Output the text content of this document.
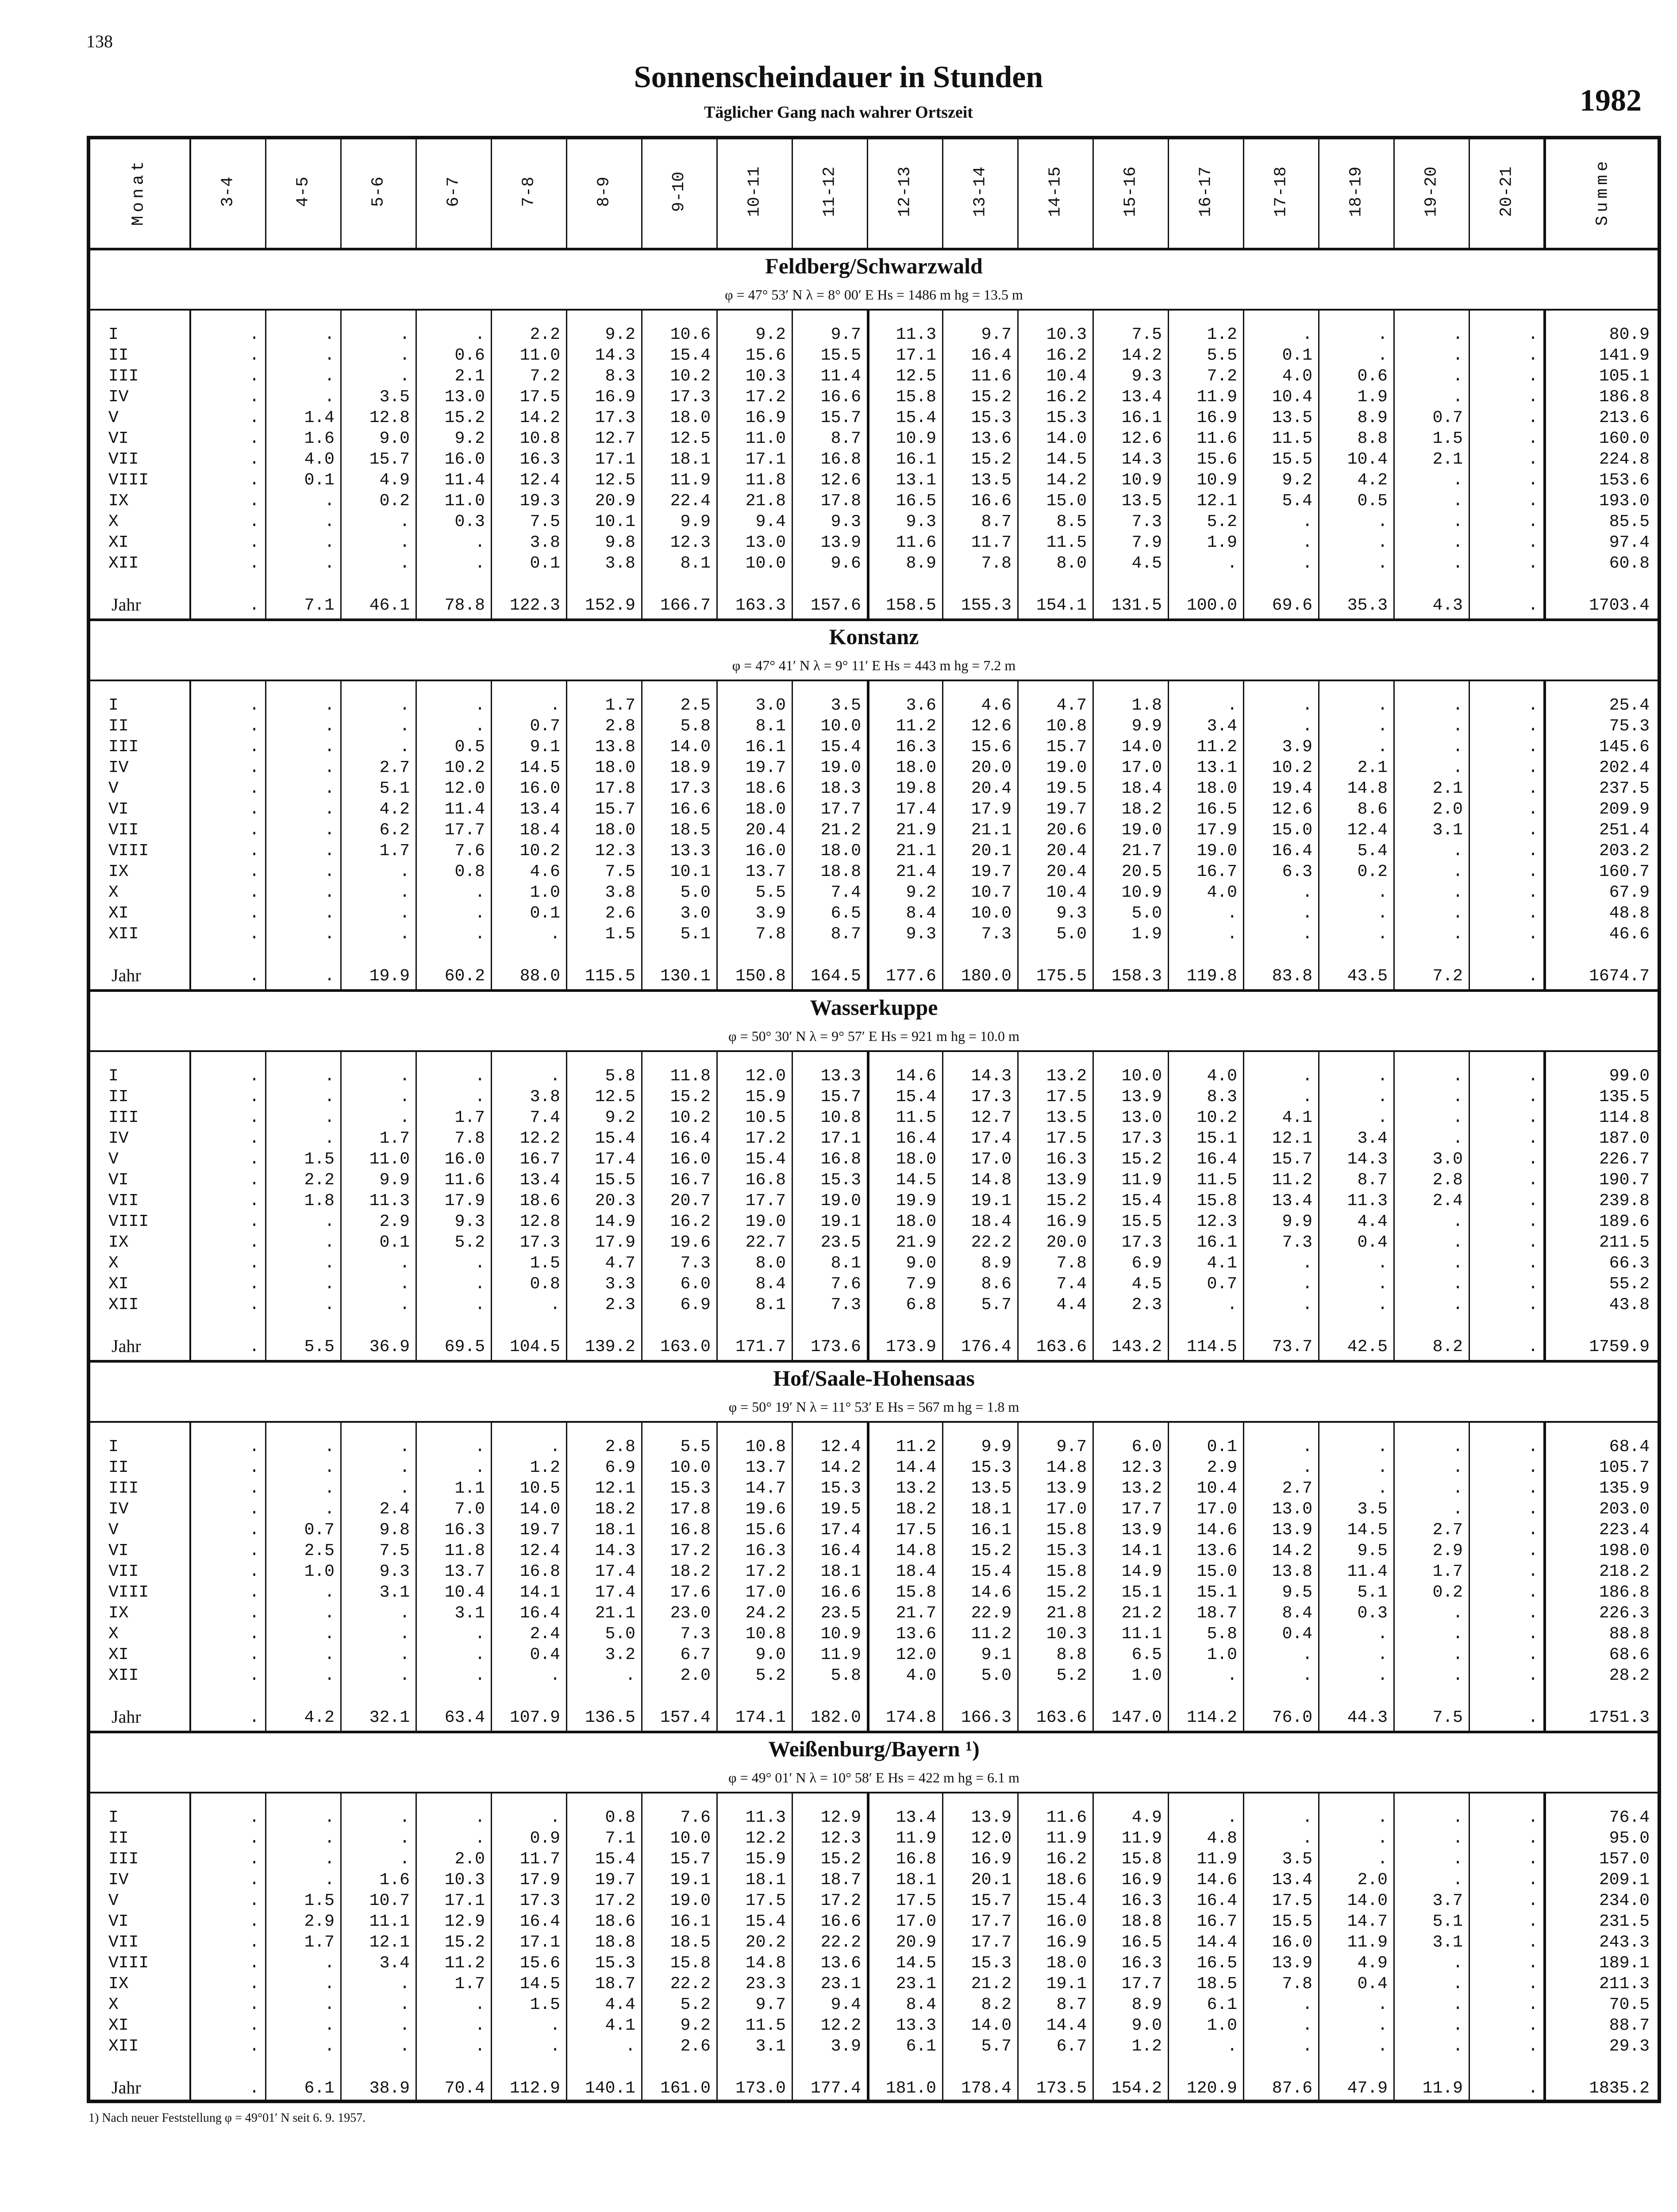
138
Sonnenscheindauer in Stunden
Täglicher Gang nach wahrer Ortszeit	1982
Monat	3-4	4-5	5-6	6-7	7-8	8-9	9-10	10-11	11-12	12-13	13-14	14-15	15-16	16-17	17-18	18-19	19-20	20-21	Summe
Feldberg/Schwarzwald
φ = 47° 53′ N λ = 8° 00′ E Hs = 1486 m hg = 13.5 m
I	.	.	.	.	2.2	9.2	10.6	9.2	9.7	11.3	9.7	10.3	7.5	1.2	.	.	.	.	80.9
II	.	.	.	0.6	11.0	14.3	15.4	15.6	15.5	17.1	16.4	16.2	14.2	5.5	0.1	.	.	.	141.9
III	.	.	.	2.1	7.2	8.3	10.2	10.3	11.4	12.5	11.6	10.4	9.3	7.2	4.0	0.6	.	.	105.1
IV	.	.	3.5	13.0	17.5	16.9	17.3	17.2	16.6	15.8	15.2	16.2	13.4	11.9	10.4	1.9	.	.	186.8
V	.	1.4	12.8	15.2	14.2	17.3	18.0	16.9	15.7	15.4	15.3	15.3	16.1	16.9	13.5	8.9	0.7	.	213.6
VI	.	1.6	9.0	9.2	10.8	12.7	12.5	11.0	8.7	10.9	13.6	14.0	12.6	11.6	11.5	8.8	1.5	.	160.0
VII	.	4.0	15.7	16.0	16.3	17.1	18.1	17.1	16.8	16.1	15.2	14.5	14.3	15.6	15.5	10.4	2.1	.	224.8
VIII	.	0.1	4.9	11.4	12.4	12.5	11.9	11.8	12.6	13.1	13.5	14.2	10.9	10.9	9.2	4.2	.	.	153.6
IX	.	.	0.2	11.0	19.3	20.9	22.4	21.8	17.8	16.5	16.6	15.0	13.5	12.1	5.4	0.5	.	.	193.0
X	.	.	.	0.3	7.5	10.1	9.9	9.4	9.3	9.3	8.7	8.5	7.3	5.2	.	.	.	.	85.5
XI	.	.	.	.	3.8	9.8	12.3	13.0	13.9	11.6	11.7	11.5	7.9	1.9	.	.	.	.	97.4
XII	.	.	.	.	0.1	3.8	8.1	10.0	9.6	8.9	7.8	8.0	4.5	.	.	.	.	.	60.8
Jahr	.	7.1	46.1	78.8	122.3	152.9	166.7	163.3	157.6	158.5	155.3	154.1	131.5	100.0	69.6	35.3	4.3	.	1703.4
Konstanz
φ = 47° 41′ N λ = 9° 11′ E Hs = 443 m hg = 7.2 m
I	.	.	.	.	.	1.7	2.5	3.0	3.5	3.6	4.6	4.7	1.8	.	.	.	.	.	25.4
II	.	.	.	.	0.7	2.8	5.8	8.1	10.0	11.2	12.6	10.8	9.9	3.4	.	.	.	.	75.3
III	.	.	.	0.5	9.1	13.8	14.0	16.1	15.4	16.3	15.6	15.7	14.0	11.2	3.9	.	.	.	145.6
IV	.	.	2.7	10.2	14.5	18.0	18.9	19.7	19.0	18.0	20.0	19.0	17.0	13.1	10.2	2.1	.	.	202.4
V	.	.	5.1	12.0	16.0	17.8	17.3	18.6	18.3	19.8	20.4	19.5	18.4	18.0	19.4	14.8	2.1	.	237.5
VI	.	.	4.2	11.4	13.4	15.7	16.6	18.0	17.7	17.4	17.9	19.7	18.2	16.5	12.6	8.6	2.0	.	209.9
VII	.	.	6.2	17.7	18.4	18.0	18.5	20.4	21.2	21.9	21.1	20.6	19.0	17.9	15.0	12.4	3.1	.	251.4
VIII	.	.	1.7	7.6	10.2	12.3	13.3	16.0	18.0	21.1	20.1	20.4	21.7	19.0	16.4	5.4	.	.	203.2
IX	.	.	.	0.8	4.6	7.5	10.1	13.7	18.8	21.4	19.7	20.4	20.5	16.7	6.3	0.2	.	.	160.7
X	.	.	.	.	1.0	3.8	5.0	5.5	7.4	9.2	10.7	10.4	10.9	4.0	.	.	.	.	67.9
XI	.	.	.	.	0.1	2.6	3.0	3.9	6.5	8.4	10.0	9.3	5.0	.	.	.	.	.	48.8
XII	.	.	.	.	.	1.5	5.1	7.8	8.7	9.3	7.3	5.0	1.9	.	.	.	.	.	46.6
Jahr	.	.	19.9	60.2	88.0	115.5	130.1	150.8	164.5	177.6	180.0	175.5	158.3	119.8	83.8	43.5	7.2	.	1674.7
Wasserkuppe
φ = 50° 30′ N λ = 9° 57′ E Hs = 921 m hg = 10.0 m
I	.	.	.	.	.	5.8	11.8	12.0	13.3	14.6	14.3	13.2	10.0	4.0	.	.	.	.	99.0
II	.	.	.	.	3.8	12.5	15.2	15.9	15.7	15.4	17.3	17.5	13.9	8.3	.	.	.	.	135.5
III	.	.	.	1.7	7.4	9.2	10.2	10.5	10.8	11.5	12.7	13.5	13.0	10.2	4.1	.	.	.	114.8
IV	.	.	1.7	7.8	12.2	15.4	16.4	17.2	17.1	16.4	17.4	17.5	17.3	15.1	12.1	3.4	.	.	187.0
V	.	1.5	11.0	16.0	16.7	17.4	16.0	15.4	16.8	18.0	17.0	16.3	15.2	16.4	15.7	14.3	3.0	.	226.7
VI	.	2.2	9.9	11.6	13.4	15.5	16.7	16.8	15.3	14.5	14.8	13.9	11.9	11.5	11.2	8.7	2.8	.	190.7
VII	.	1.8	11.3	17.9	18.6	20.3	20.7	17.7	19.0	19.9	19.1	15.2	15.4	15.8	13.4	11.3	2.4	.	239.8
VIII	.	.	2.9	9.3	12.8	14.9	16.2	19.0	19.1	18.0	18.4	16.9	15.5	12.3	9.9	4.4	.	.	189.6
IX	.	.	0.1	5.2	17.3	17.9	19.6	22.7	23.5	21.9	22.2	20.0	17.3	16.1	7.3	0.4	.	.	211.5
X	.	.	.	.	1.5	4.7	7.3	8.0	8.1	9.0	8.9	7.8	6.9	4.1	.	.	.	.	66.3
XI	.	.	.	.	0.8	3.3	6.0	8.4	7.6	7.9	8.6	7.4	4.5	0.7	.	.	.	.	55.2
XII	.	.	.	.	.	2.3	6.9	8.1	7.3	6.8	5.7	4.4	2.3	.	.	.	.	.	43.8
Jahr	.	5.5	36.9	69.5	104.5	139.2	163.0	171.7	173.6	173.9	176.4	163.6	143.2	114.5	73.7	42.5	8.2	.	1759.9
Hof/Saale-Hohensaas
φ = 50° 19′ N λ = 11° 53′ E Hs = 567 m hg = 1.8 m
I	.	.	.	.	.	2.8	5.5	10.8	12.4	11.2	9.9	9.7	6.0	0.1	.	.	.	.	68.4
II	.	.	.	.	1.2	6.9	10.0	13.7	14.2	14.4	15.3	14.8	12.3	2.9	.	.	.	.	105.7
III	.	.	.	1.1	10.5	12.1	15.3	14.7	15.3	13.2	13.5	13.9	13.2	10.4	2.7	.	.	.	135.9
IV	.	.	2.4	7.0	14.0	18.2	17.8	19.6	19.5	18.2	18.1	17.0	17.7	17.0	13.0	3.5	.	.	203.0
V	.	0.7	9.8	16.3	19.7	18.1	16.8	15.6	17.4	17.5	16.1	15.8	13.9	14.6	13.9	14.5	2.7	.	223.4
VI	.	2.5	7.5	11.8	12.4	14.3	17.2	16.3	16.4	14.8	15.2	15.3	14.1	13.6	14.2	9.5	2.9	.	198.0
VII	.	1.0	9.3	13.7	16.8	17.4	18.2	17.2	18.1	18.4	15.4	15.8	14.9	15.0	13.8	11.4	1.7	.	218.2
VIII	.	.	3.1	10.4	14.1	17.4	17.6	17.0	16.6	15.8	14.6	15.2	15.1	15.1	9.5	5.1	0.2	.	186.8
IX	.	.	.	3.1	16.4	21.1	23.0	24.2	23.5	21.7	22.9	21.8	21.2	18.7	8.4	0.3	.	.	226.3
X	.	.	.	.	2.4	5.0	7.3	10.8	10.9	13.6	11.2	10.3	11.1	5.8	0.4	.	.	.	88.8
XI	.	.	.	.	0.4	3.2	6.7	9.0	11.9	12.0	9.1	8.8	6.5	1.0	.	.	.	.	68.6
XII	.	.	.	.	.	.	2.0	5.2	5.8	4.0	5.0	5.2	1.0	.	.	.	.	.	28.2
Jahr	.	4.2	32.1	63.4	107.9	136.5	157.4	174.1	182.0	174.8	166.3	163.6	147.0	114.2	76.0	44.3	7.5	.	1751.3
Weißenburg/Bayern ¹)
φ = 49° 01′ N λ = 10° 58′ E Hs = 422 m hg = 6.1 m
I	.	.	.	.	.	0.8	7.6	11.3	12.9	13.4	13.9	11.6	4.9	.	.	.	.	.	76.4
II	.	.	.	.	0.9	7.1	10.0	12.2	12.3	11.9	12.0	11.9	11.9	4.8	.	.	.	.	95.0
III	.	.	.	2.0	11.7	15.4	15.7	15.9	15.2	16.8	16.9	16.2	15.8	11.9	3.5	.	.	.	157.0
IV	.	.	1.6	10.3	17.9	19.7	19.1	18.1	18.7	18.1	20.1	18.6	16.9	14.6	13.4	2.0	.	.	209.1
V	.	1.5	10.7	17.1	17.3	17.2	19.0	17.5	17.2	17.5	15.7	15.4	16.3	16.4	17.5	14.0	3.7	.	234.0
VI	.	2.9	11.1	12.9	16.4	18.6	16.1	15.4	16.6	17.0	17.7	16.0	18.8	16.7	15.5	14.7	5.1	.	231.5
VII	.	1.7	12.1	15.2	17.1	18.8	18.5	20.2	22.2	20.9	17.7	16.9	16.5	14.4	16.0	11.9	3.1	.	243.3
VIII	.	.	3.4	11.2	15.6	15.3	15.8	14.8	13.6	14.5	15.3	18.0	16.3	16.5	13.9	4.9	.	.	189.1
IX	.	.	.	1.7	14.5	18.7	22.2	23.3	23.1	23.1	21.2	19.1	17.7	18.5	7.8	0.4	.	.	211.3
X	.	.	.	.	1.5	4.4	5.2	9.7	9.4	8.4	8.2	8.7	8.9	6.1	.	.	.	.	70.5
XI	.	.	.	.	.	4.1	9.2	11.5	12.2	13.3	14.0	14.4	9.0	1.0	.	.	.	.	88.7
XII	.	.	.	.	.	.	2.6	3.1	3.9	6.1	5.7	6.7	1.2	.	.	.	.	.	29.3
Jahr	.	6.1	38.9	70.4	112.9	140.1	161.0	173.0	177.4	181.0	178.4	173.5	154.2	120.9	87.6	47.9	11.9	.	1835.2
1) Nach neuer Feststellung φ = 49°01′ N seit 6. 9. 1957.
